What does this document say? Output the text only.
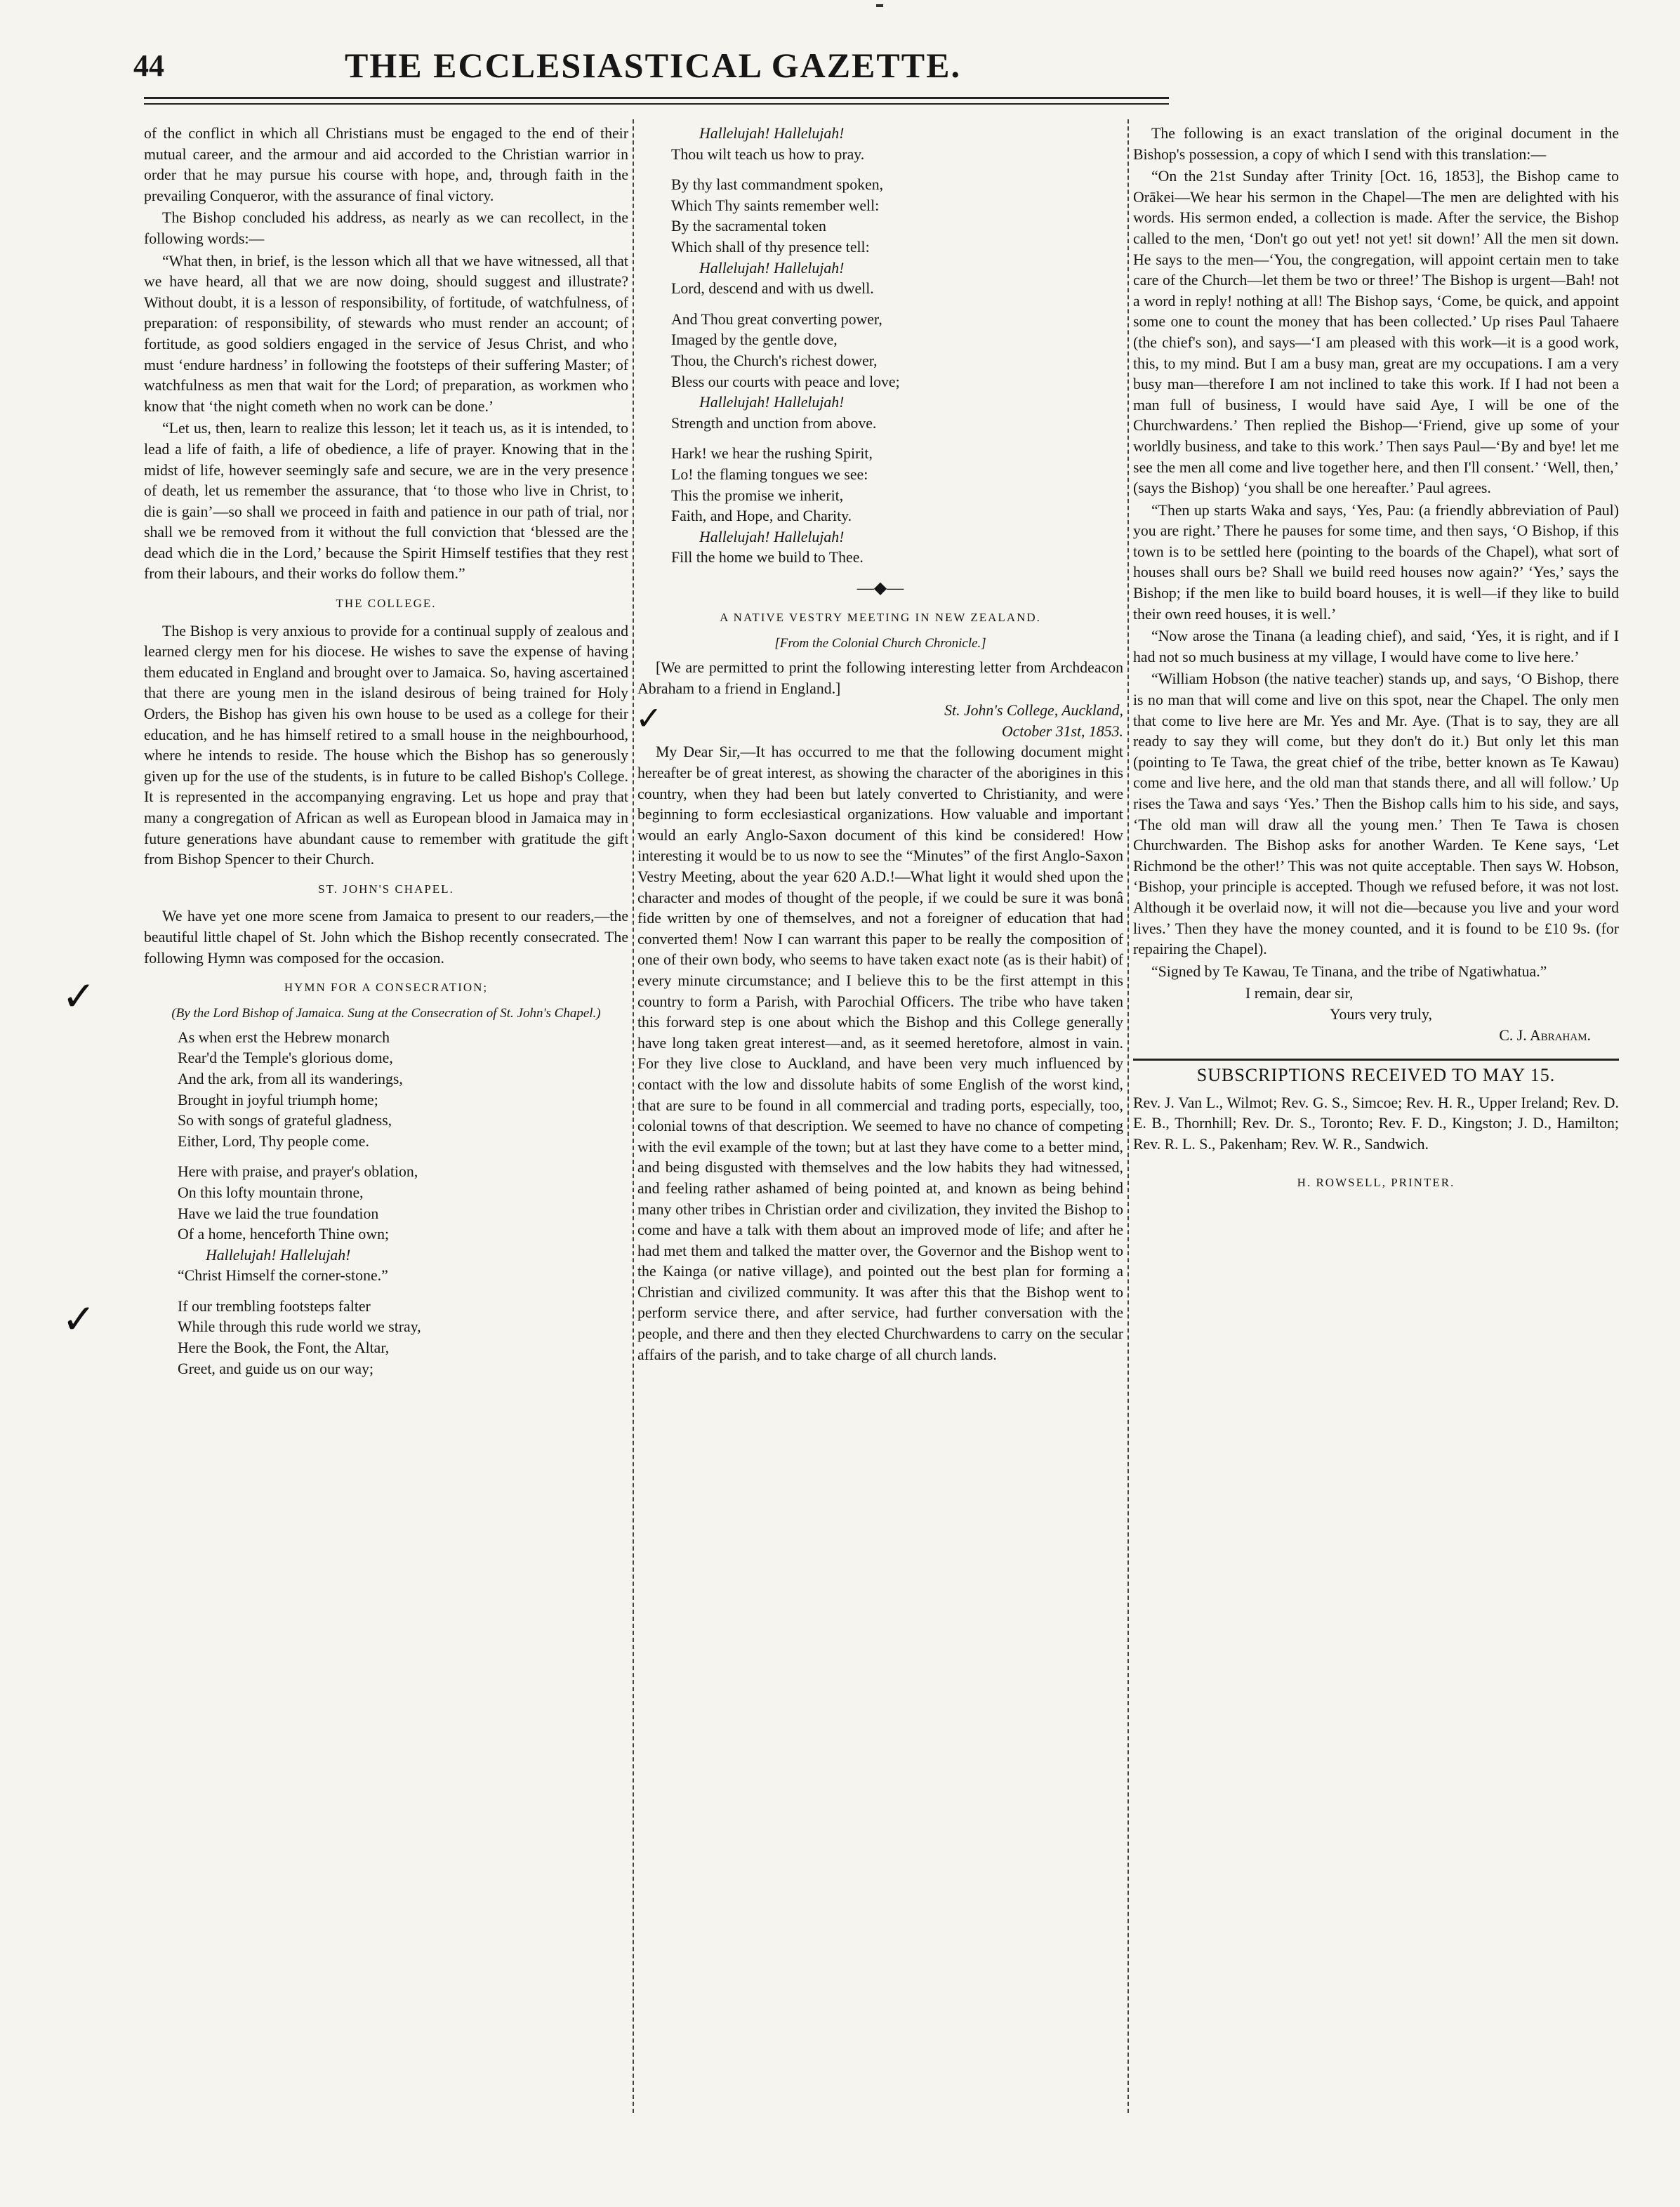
44	THE ECCLESIASTICAL GAZETTE.

of the conflict in which all Christians must be engaged to the end of their mutual career, and the armour and aid accorded to the Christian warrior in order that he may pursue his course with hope, and, through faith in the prevailing Conqueror, with the assurance of final victory.

The Bishop concluded his address, as nearly as we can recollect, in the following words:—

“What then, in brief, is the lesson which all that we have witnessed, all that we have heard, all that we are now doing, should suggest and illustrate? Without doubt, it is a lesson of responsibility, of fortitude, of watchfulness, of preparation: of responsibility, of stewards who must render an account; of fortitude, as good soldiers engaged in the service of Jesus Christ, and who must ‘endure hardness’ in following the footsteps of their suffering Master; of watchfulness as men that wait for the Lord; of preparation, as workmen who know that ‘the night cometh when no work can be done.’

“Let us, then, learn to realize this lesson; let it teach us, as it is intended, to lead a life of faith, a life of obedience, a life of prayer. Knowing that in the midst of life, however seemingly safe and secure, we are in the very presence of death, let us remember the assurance, that ‘to those who live in Christ, to die is gain’—so shall we proceed in faith and patience in our path of trial, nor shall we be removed from it without the full conviction that ‘blessed are the dead which die in the Lord,’ because the Spirit Himself testifies that they rest from their labours, and their works do follow them.”

THE COLLEGE.

The Bishop is very anxious to provide for a continual supply of zealous and learned clergy men for his diocese. He wishes to save the expense of having them educated in England and brought over to Jamaica. So, having ascertained that there are young men in the island desirous of being trained for Holy Orders, the Bishop has given his own house to be used as a college for their education, and he has himself retired to a small house in the neighbourhood, where he intends to reside. The house which the Bishop has so generously given up for the use of the students, is in future to be called Bishop's College. It is represented in the accompanying engraving. Let us hope and pray that many a congregation of African as well as European blood in Jamaica may in future generations have abundant cause to remember with gratitude the gift from Bishop Spencer to their Church.

ST. JOHN'S CHAPEL.

We have yet one more scene from Jamaica to present to our readers,—the beautiful little chapel of St. John which the Bishop recently consecrated. The following Hymn was composed for the occasion.

HYMN FOR A CONSECRATION;
(By the Lord Bishop of Jamaica. Sung at the Consecration of St. John's Chapel.)
As when erst the Hebrew monarch
Rear'd the Temple's glorious dome,
And the ark, from all its wanderings,
Brought in joyful triumph home;
So with songs of grateful gladness,
Either, Lord, Thy people come.
Here with praise, and prayer's oblation,
On this lofty mountain throne,
Have we laid the true foundation
Of a home, henceforth Thine own;
Hallelujah! Hallelujah!
“Christ Himself the corner-stone.”
If our trembling footsteps falter
While through this rude world we stray,
Here the Book, the Font, the Altar,
Greet, and guide us on our way;
Hallelujah! Hallelujah!
Thou wilt teach us how to pray.
By thy last commandment spoken,
Which Thy saints remember well:
By the sacramental token
Which shall of thy presence tell:
Hallelujah! Hallelujah!
Lord, descend and with us dwell.
And Thou great converting power,
Imaged by the gentle dove,
Thou, the Church's richest dower,
Bless our courts with peace and love;
Hallelujah! Hallelujah!
Strength and unction from above.
Hark! we hear the rushing Spirit,
Lo! the flaming tongues we see:
This the promise we inherit,
Faith, and Hope, and Charity.
Hallelujah! Hallelujah!
Fill the home we build to Thee.
—◆—
A NATIVE VESTRY MEETING IN NEW ZEALAND.
[From the Colonial Church Chronicle.]

[We are permitted to print the following interesting letter from Archdeacon Abraham to a friend in England.]

St. John's College, Auckland,
October 31st, 1853.

My Dear Sir,—It has occurred to me that the following document might hereafter be of great interest, as showing the character of the aborigines in this country, when they had been but lately converted to Christianity, and were beginning to form ecclesiastical organizations. How valuable and important would an early Anglo-Saxon document of this kind be considered! How interesting it would be to us now to see the “Minutes” of the first Anglo-Saxon Vestry Meeting, about the year 620 A.D.!—What light it would shed upon the character and modes of thought of the people, if we could be sure it was bonâ fide written by one of themselves, and not a foreigner of education that had converted them! Now I can warrant this paper to be really the composition of one of their own body, who seems to have taken exact note (as is their habit) of every minute circumstance; and I believe this to be the first attempt in this country to form a Parish, with Parochial Officers. The tribe who have taken this forward step is one about which the Bishop and this College generally have long taken great interest—and, as it seemed heretofore, almost in vain. For they live close to Auckland, and have been very much influenced by contact with the low and dissolute habits of some English of the worst kind, that are sure to be found in all commercial and trading ports, especially, too, colonial towns of that description. We seemed to have no chance of competing with the evil example of the town; but at last they have come to a better mind, and being disgusted with themselves and the low habits they had witnessed, and feeling rather ashamed of being pointed at, and known as being behind many other tribes in Christian order and civilization, they invited the Bishop to come and have a talk with them about an improved mode of life; and after he had met them and talked the matter over, the Governor and the Bishop went to the Kainga (or native village), and pointed out the best plan for forming a Christian and civilized community. It was after this that the Bishop went to perform service there, and after service, had further conversation with the people, and there and then they elected Churchwardens to carry on the secular affairs of the parish, and to take charge of all church lands.

The following is an exact translation of the original document in the Bishop's possession, a copy of which I send with this translation:—

“On the 21st Sunday after Trinity [Oct. 16, 1853], the Bishop came to Orākei—We hear his sermon in the Chapel—The men are delighted with his words. His sermon ended, a collection is made. After the service, the Bishop called to the men, ‘Don't go out yet! not yet! sit down!’ All the men sit down. He says to the men—‘You, the congregation, will appoint certain men to take care of the Church—let them be two or three!’ The Bishop is urgent—Bah! not a word in reply! nothing at all! The Bishop says, ‘Come, be quick, and appoint some one to count the money that has been collected.’ Up rises Paul Tahaere (the chief's son), and says—‘I am pleased with this work—it is a good work, this, to my mind. But I am a busy man, great are my occupations. I am a very busy man—therefore I am not inclined to take this work. If I had not been a man full of business, I would have said Aye, I will be one of the Churchwardens.’ Then replied the Bishop—‘Friend, give up some of your worldly business, and take to this work.’ Then says Paul—‘By and bye! let me see the men all come and live together here, and then I'll consent.’ ‘Well, then,’ (says the Bishop) ‘you shall be one hereafter.’ Paul agrees.

“Then up starts Waka and says, ‘Yes, Pau: (a friendly abbreviation of Paul) you are right.’ There he pauses for some time, and then says, ‘O Bishop, if this town is to be settled here (pointing to the boards of the Chapel), what sort of houses shall ours be? Shall we build reed houses now again?’ ‘Yes,’ says the Bishop; if the men like to build board houses, it is well—if they like to build their own reed houses, it is well.’

“Now arose the Tinana (a leading chief), and said, ‘Yes, it is right, and if I had not so much business at my village, I would have come to live here.’

“William Hobson (the native teacher) stands up, and says, ‘O Bishop, there is no man that will come and live on this spot, near the Chapel. The only men that come to live here are Mr. Yes and Mr. Aye. (That is to say, they are all ready to say they will come, but they don't do it.) But only let this man (pointing to Te Tawa, the great chief of the tribe, better known as Te Kawau) come and live here, and the old man that stands there, and all will follow.’ Up rises the Tawa and says ‘Yes.’ Then the Bishop calls him to his side, and says, ‘The old man will draw all the young men.’ Then Te Tawa is chosen Churchwarden. The Bishop asks for another Warden. Te Kene says, ‘Let Richmond be the other!’ This was not quite acceptable. Then says W. Hobson, ‘Bishop, your principle is accepted. Though we refused before, it was not lost. Although it be overlaid now, it will not die—because you live and your word lives.’ Then they have the money counted, and it is found to be £10 9s. (for repairing the Chapel).

“Signed by Te Kawau, Te Tinana, and the tribe of Ngatiwhatua.”

I remain, dear sir,
Yours very truly,
C. J. Abraham.
SUBSCRIPTIONS RECEIVED TO MAY 15.

Rev. J. Van L., Wilmot; Rev. G. S., Simcoe; Rev. H. R., Upper Ireland; Rev. D. E. B., Thornhill; Rev. Dr. S., Toronto; Rev. F. D., Kingston; J. D., Hamilton; Rev. R. L. S., Pakenham; Rev. W. R., Sandwich.

H. ROWSELL, PRINTER.
✓
✓
✓
